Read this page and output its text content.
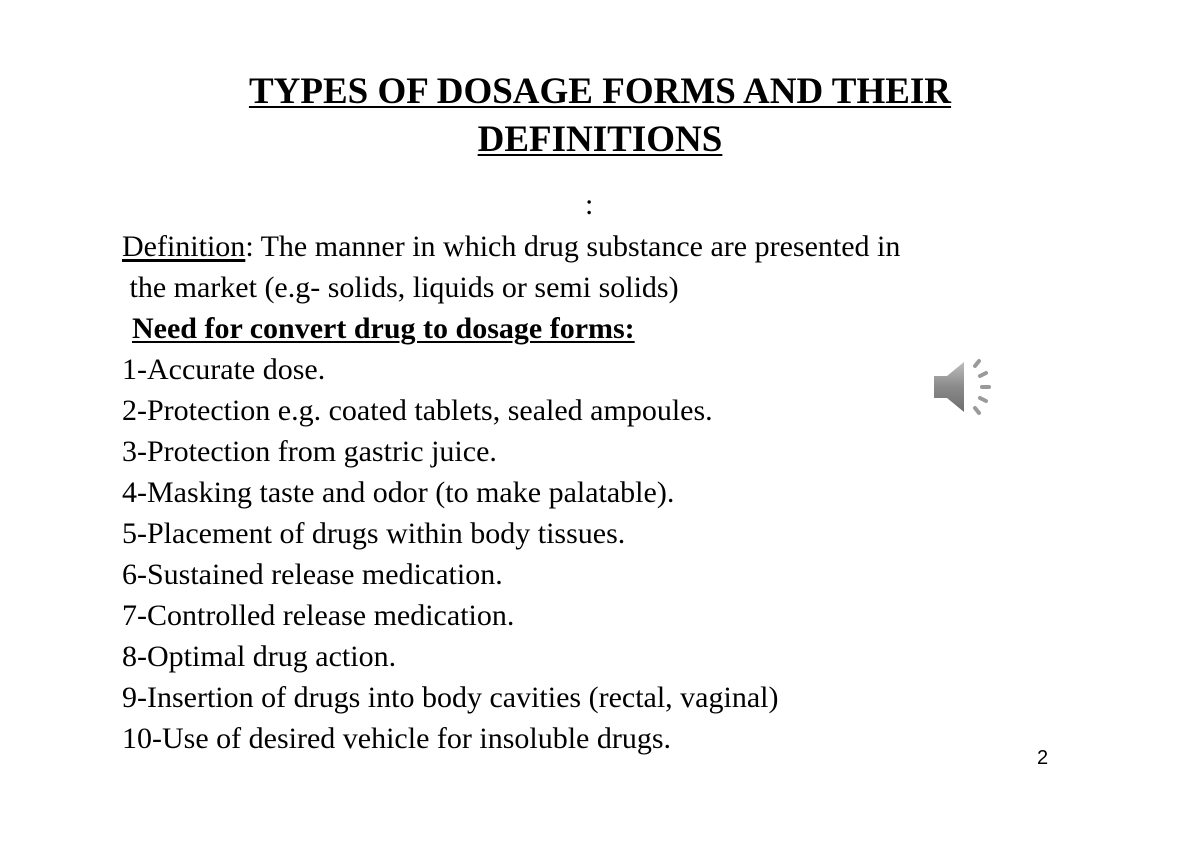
TYPES OF DOSAGE FORMS AND THEIR
DEFINITIONS
:
Definition: The manner in which drug substance are presented in
the market (e.g- solids, liquids or semi solids)
Need for convert drug to dosage forms:
1-Accurate dose.
2-Protection e.g. coated tablets, sealed ampoules.
3-Protection from gastric juice.
4-Masking taste and odor (to make palatable).
5-Placement of drugs within body tissues.
6-Sustained release medication.
7-Controlled release medication.
8-Optimal drug action.
9-Insertion of drugs into body cavities (rectal, vaginal)
10-Use of desired vehicle for insoluble drugs.
2
